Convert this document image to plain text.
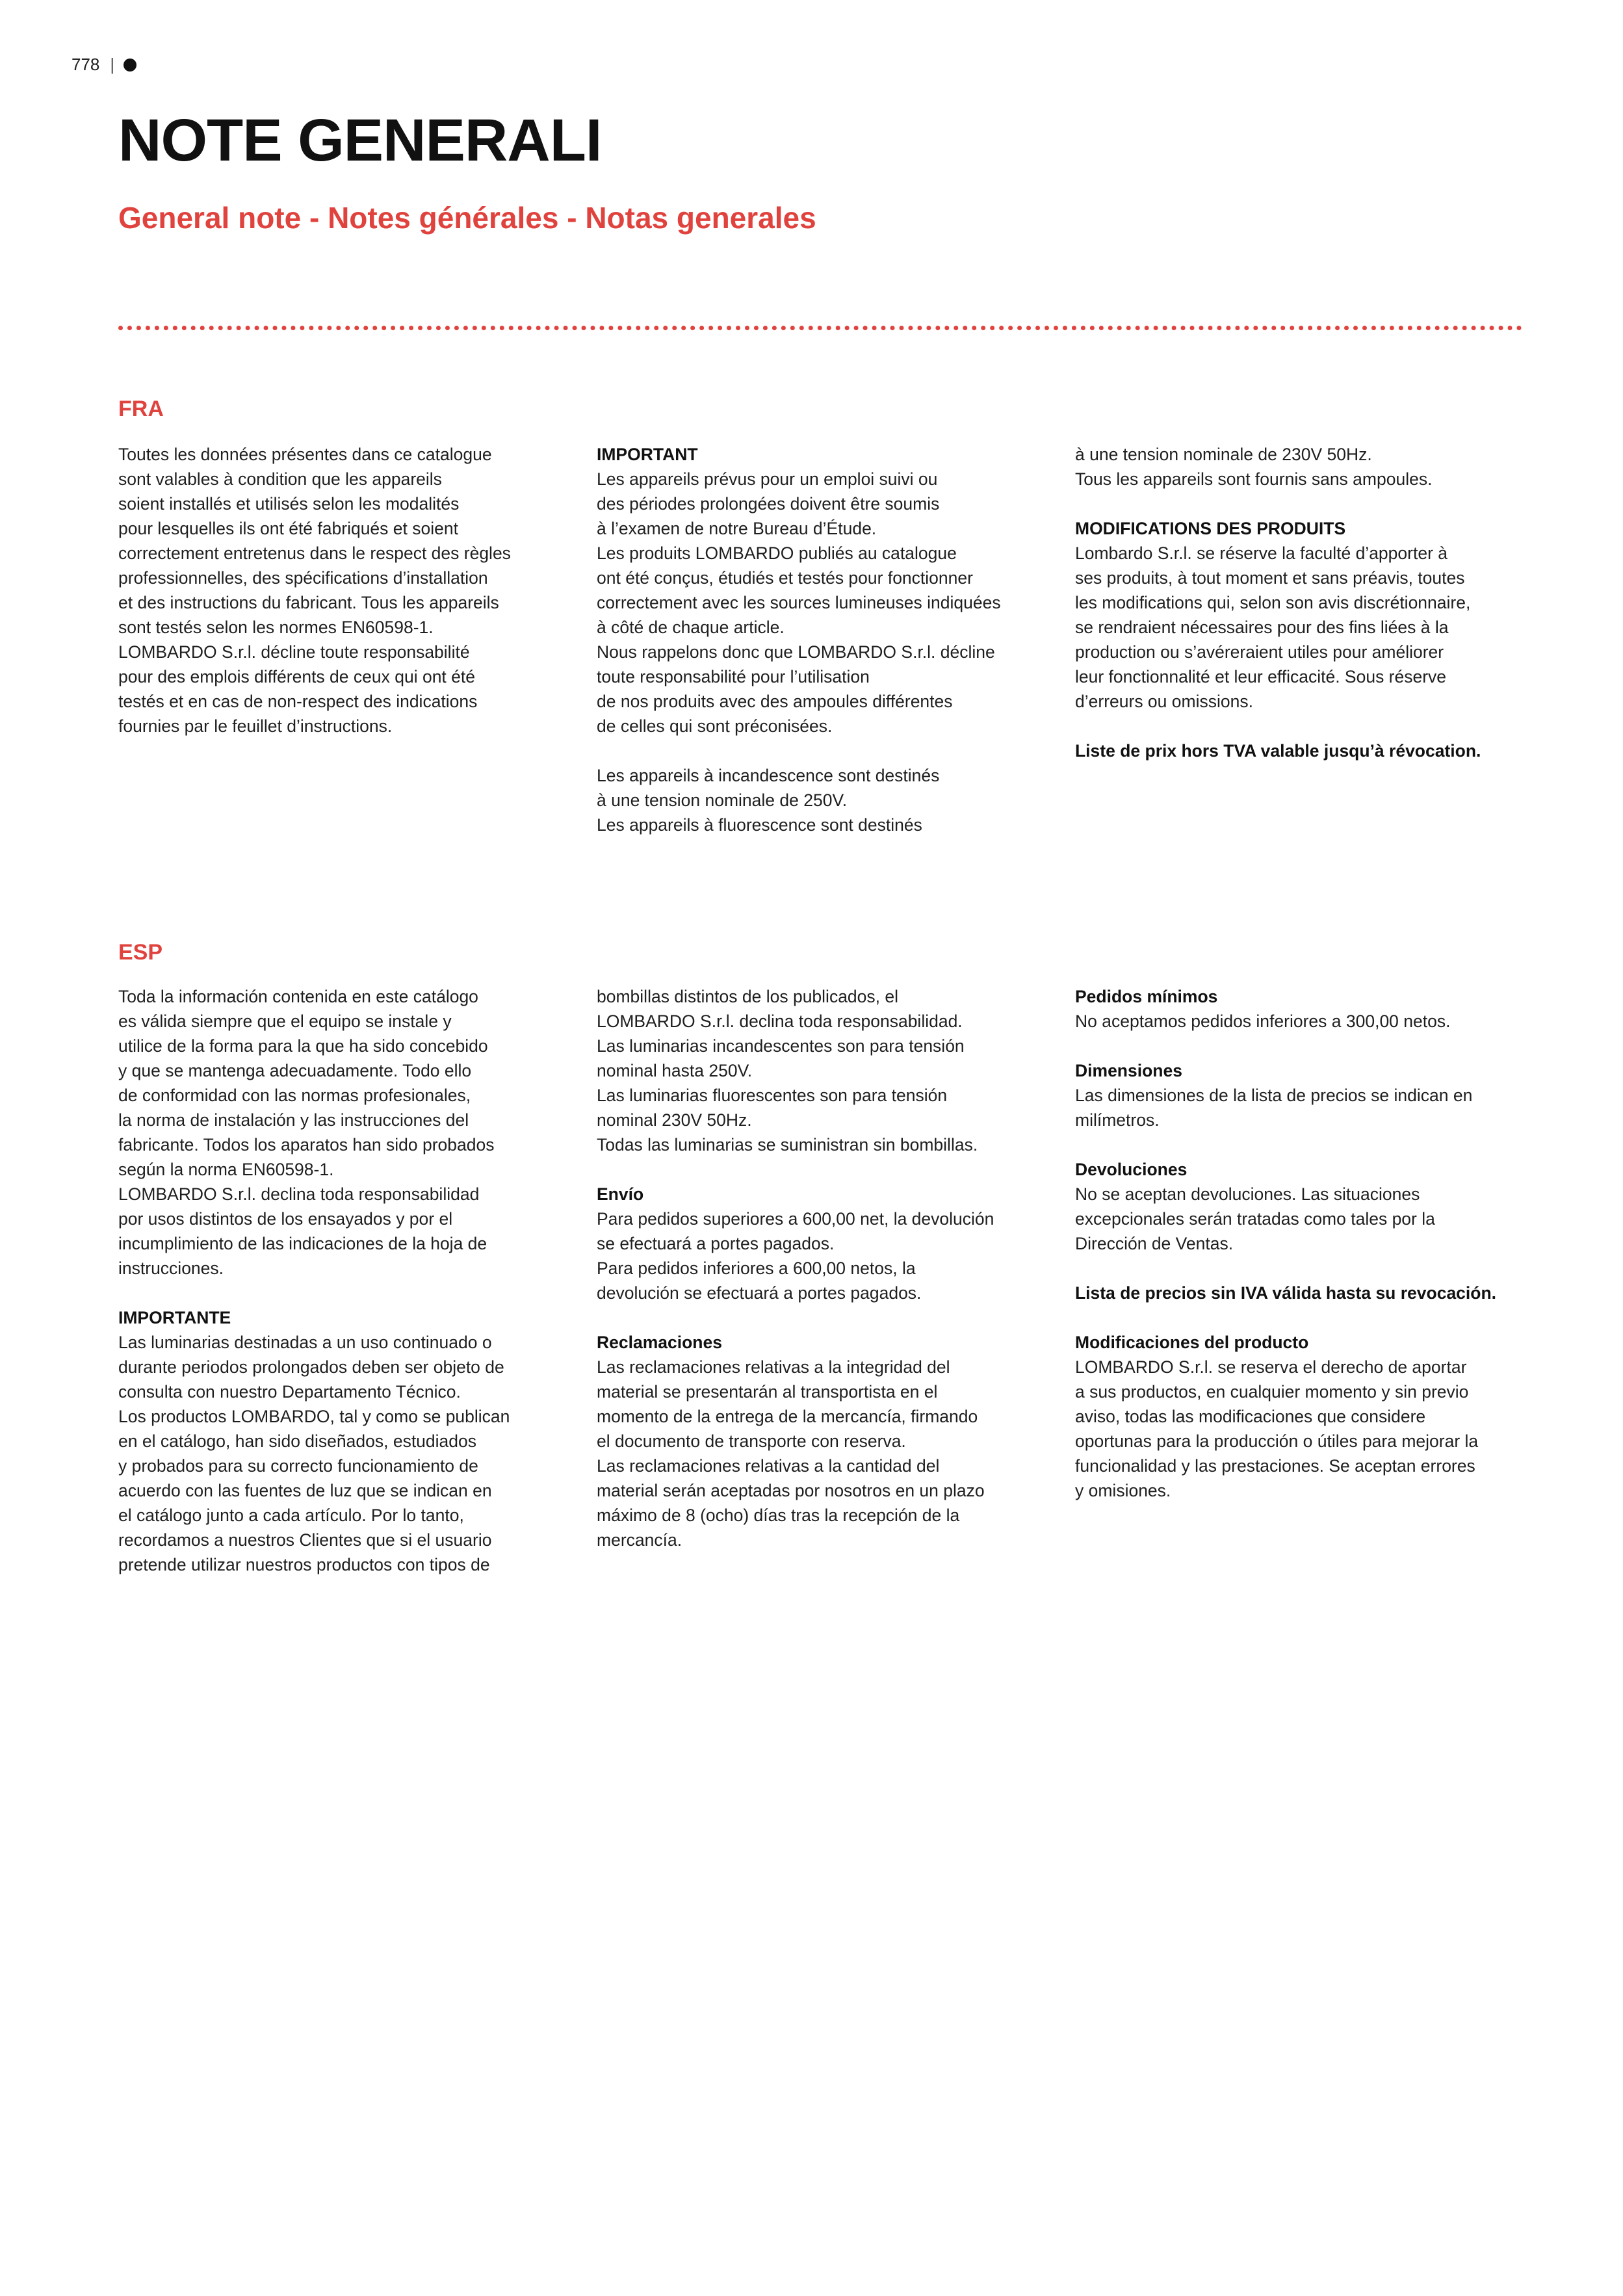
778 |
NOTE GENERALI
General note - Notes générales - Notas generales
FRA

Toutes les données présentes dans ce catalogue
sont valables à condition que les appareils
soient installés et utilisés selon les modalités
pour lesquelles ils ont été fabriqués et soient
correctement entretenus dans le respect des règles
professionnelles, des spécifications d’installation
et des instructions du fabricant. Tous les appareils
sont testés selon les normes EN60598-1.
LOMBARDO S.r.l. décline toute responsabilité
pour des emplois différents de ceux qui ont été
testés et en cas de non-respect des indications
fournies par le feuillet d’instructions.

IMPORTANT
Les appareils prévus pour un emploi suivi ou
des périodes prolongées doivent être soumis
à l’examen de notre Bureau d’Étude.
Les produits LOMBARDO publiés au catalogue
ont été conçus, étudiés et testés pour fonctionner
correctement avec les sources lumineuses indiquées
à côté de chaque article.
Nous rappelons donc que LOMBARDO S.r.l. décline
toute responsabilité pour l’utilisation
de nos produits avec des ampoules différentes
de celles qui sont préconisées.

Les appareils à incandescence sont destinés
à une tension nominale de 250V.
Les appareils à fluorescence sont destinés

à une tension nominale de 230V 50Hz.
Tous les appareils sont fournis sans ampoules.

MODIFICATIONS DES PRODUITS
Lombardo S.r.l. se réserve la faculté d’apporter à
ses produits, à tout moment et sans préavis, toutes
les modifications qui, selon son avis discrétionnaire,
se rendraient nécessaires pour des fins liées à la
production ou s’avéreraient utiles pour améliorer
leur fonctionnalité et leur efficacité. Sous réserve
d’erreurs ou omissions.

Liste de prix hors TVA valable jusqu’à révocation.

ESP

Toda la información contenida en este catálogo
es válida siempre que el equipo se instale y
utilice de la forma para la que ha sido concebido
y que se mantenga adecuadamente. Todo ello
de conformidad con las normas profesionales,
la norma de instalación y las instrucciones del
fabricante. Todos los aparatos han sido probados
según la norma EN60598-1.
LOMBARDO S.r.l. declina toda responsabilidad
por usos distintos de los ensayados y por el
incumplimiento de las indicaciones de la hoja de
instrucciones.

IMPORTANTE
Las luminarias destinadas a un uso continuado o
durante periodos prolongados deben ser objeto de
consulta con nuestro Departamento Técnico.
Los productos LOMBARDO, tal y como se publican
en el catálogo, han sido diseñados, estudiados
y probados para su correcto funcionamiento de
acuerdo con las fuentes de luz que se indican en
el catálogo junto a cada artículo. Por lo tanto,
recordamos a nuestros Clientes que si el usuario
pretende utilizar nuestros productos con tipos de

bombillas distintos de los publicados, el
LOMBARDO S.r.l. declina toda responsabilidad.
Las luminarias incandescentes son para tensión
nominal hasta 250V.
Las luminarias fluorescentes son para tensión
nominal 230V 50Hz.
Todas las luminarias se suministran sin bombillas.

Envío
Para pedidos superiores a 600,00 net, la devolución
se efectuará a portes pagados.
Para pedidos inferiores a 600,00 netos, la
devolución se efectuará a portes pagados.

Reclamaciones
Las reclamaciones relativas a la integridad del
material se presentarán al transportista en el
momento de la entrega de la mercancía, firmando
el documento de transporte con reserva.
Las reclamaciones relativas a la cantidad del
material serán aceptadas por nosotros en un plazo
máximo de 8 (ocho) días tras la recepción de la
mercancía.

Pedidos mínimos
No aceptamos pedidos inferiores a 300,00 netos.

Dimensiones
Las dimensiones de la lista de precios se indican en
milímetros.

Devoluciones
No se aceptan devoluciones. Las situaciones
excepcionales serán tratadas como tales por la
Dirección de Ventas.

Lista de precios sin IVA válida hasta su revocación.

Modificaciones del producto
LOMBARDO S.r.l. se reserva el derecho de aportar
a sus productos, en cualquier momento y sin previo
aviso, todas las modificaciones que considere
oportunas para la producción o útiles para mejorar la
funcionalidad y las prestaciones. Se aceptan errores
y omisiones.
